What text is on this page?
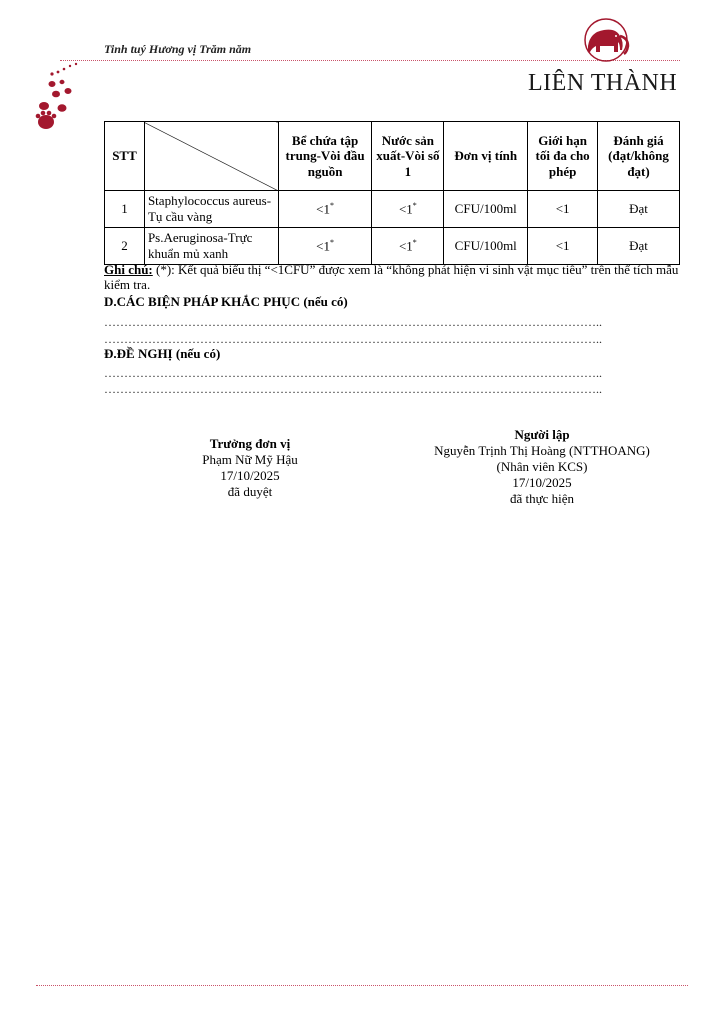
Tinh tuý Hương vị Trăm năm
LIÊN THÀNH
STT		Bể chứa tập trung-Vòi đầu nguồn	Nước sản xuất-Vòi số 1	Đơn vị tính	Giới hạn tối đa cho phép	Đánh giá (đạt/không đạt)
1	Staphylococcus aureus- Tụ cầu vàng	<1*	<1*	CFU/100ml	<1	Đạt
2	Ps.Aeruginosa-Trực khuẩn mủ xanh	<1*	<1*	CFU/100ml	<1	Đạt
Ghi chú: (*): Kết quả biểu thị “<1CFU” được xem là “không phát hiện vi sinh vật mục tiêu” trên thể tích mẫu kiểm tra.
D.CÁC BIỆN PHÁP KHẮC PHỤC (nếu có)
……………………………………………………………………………………………………………..
……………………………………………………………………………………………………………..
Đ.ĐỀ NGHỊ (nếu có)
……………………………………………………………………………………………………………..
……………………………………………………………………………………………………………..
Trưởng đơn vị
Phạm Nữ Mỹ Hậu
17/10/2025
đã duyệt
Người lập
Nguyễn Trịnh Thị Hoàng (NTTHOANG)
(Nhân viên KCS)
17/10/2025
đã thực hiện
